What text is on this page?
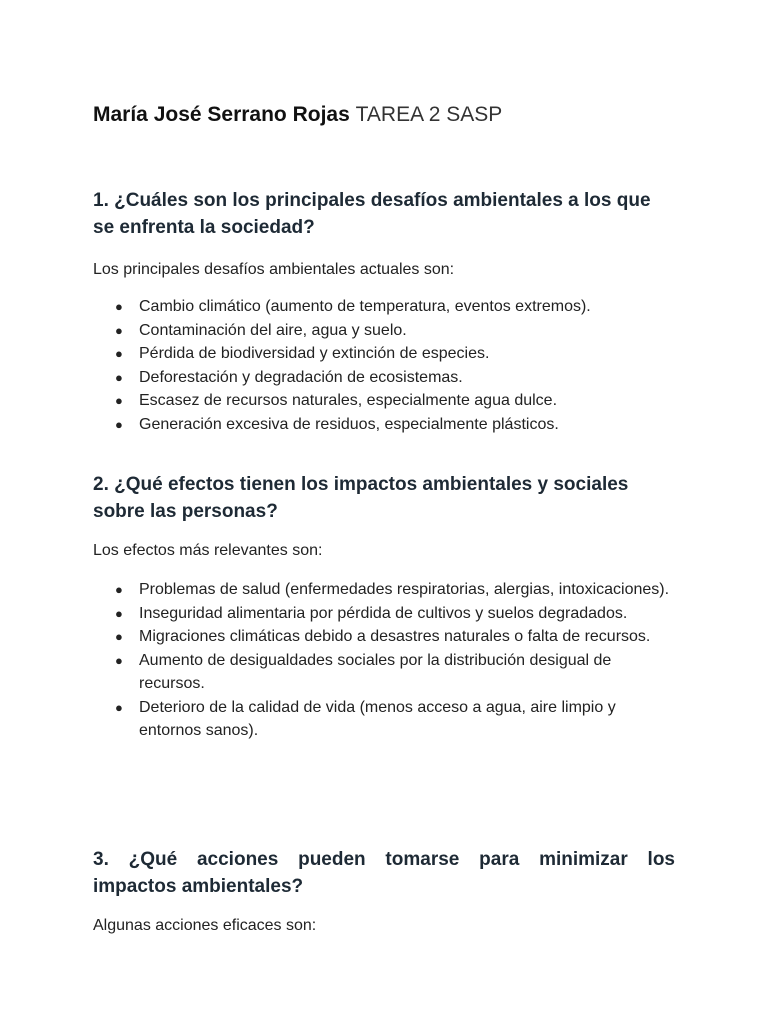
María José Serrano Rojas TAREA 2 SASP
1. ¿Cuáles son los principales desafíos ambientales a los que se enfrenta la sociedad?

Los principales desafíos ambientales actuales son:

● Cambio climático (aumento de temperatura, eventos extremos).
● Contaminación del aire, agua y suelo.
● Pérdida de biodiversidad y extinción de especies.
● Deforestación y degradación de ecosistemas.
● Escasez de recursos naturales, especialmente agua dulce.
● Generación excesiva de residuos, especialmente plásticos.
2. ¿Qué efectos tienen los impactos ambientales y sociales sobre las personas?

Los efectos más relevantes son:

● Problemas de salud (enfermedades respiratorias, alergias, intoxicaciones).
● Inseguridad alimentaria por pérdida de cultivos y suelos degradados.
● Migraciones climáticas debido a desastres naturales o falta de recursos.
● Aumento de desigualdades sociales por la distribución desigual de recursos.
● Deterioro de la calidad de vida (menos acceso a agua, aire limpio y entornos sanos).
3. ¿Qué acciones pueden tomarse para minimizar los
impactos ambientales?

Algunas acciones eficaces son:
